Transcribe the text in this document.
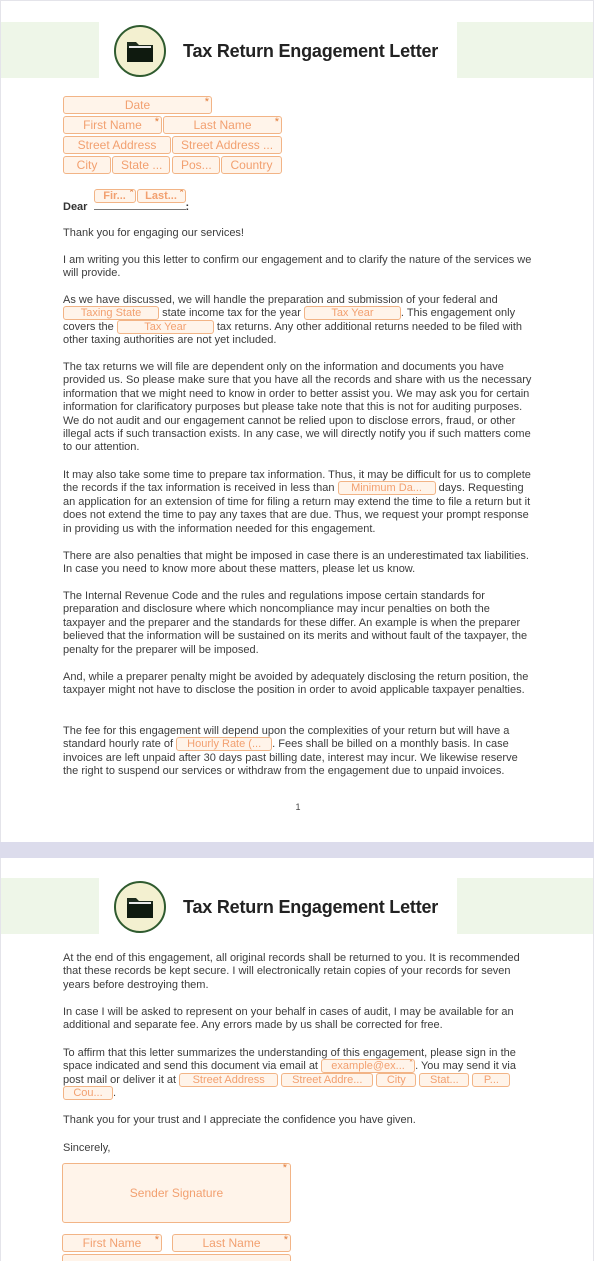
Tax Return Engagement Letter
Date *
First Name *	Last Name *
Street Address	Street Address ...
City	State ...	Pos...	Country
Dear
Fir... *	Last... *
:
Thank you for engaging our services!
I am writing you this letter to confirm our engagement and to clarify the nature of the services we will provide.
As we have discussed, we will handle the preparation and submission of your federal and Taxing State state income tax for the year	Tax Year . This engagement only covers the	Tax Year	tax returns. Any other additional returns needed to be filed with other taxing authorities are not yet included.
The tax returns we will file are dependent only on the information and documents you have provided us. So please make sure that you have all the records and share with us the necessary information that we might need to know in order to better assist you. We may ask you for certain information for clarificatory purposes but please take note that this is not for auditing purposes. We do not audit and our engagement cannot be relied upon to disclose errors, fraud, or other illegal acts if such transaction exists. In any case, we will directly notify you if such matters come to our attention.
It may also take some time to prepare tax information. Thus, it may be difficult for us to complete the records if the tax information is received in less than Minimum Da... days. Requesting an application for an extension of time for filing a return may extend the time to file a return but it does not extend the time to pay any taxes that are due. Thus, we request your prompt response in providing us with the information needed for this engagement.
There are also penalties that might be imposed in case there is an underestimated tax liabilities. In case you need to know more about these matters, please let us know.
The Internal Revenue Code and the rules and regulations impose certain standards for preparation and disclosure where which noncompliance may incur penalties on both the taxpayer and the preparer and the standards for these differ. An example is when the preparer believed that the information will be sustained on its merits and without fault of the taxpayer, the penalty for the preparer will be imposed.
And, while a preparer penalty might be avoided by adequately disclosing the return position, the taxpayer might not have to disclose the position in order to avoid applicable taxpayer penalties.
The fee for this engagement will depend upon the complexities of your return but will have a standard hourly rate of Hourly Rate (... . Fees shall be billed on a monthly basis. In case invoices are left unpaid after 30 days past billing date, interest may incur. We likewise reserve the right to suspend our services or withdraw from the engagement due to unpaid invoices.
1
Tax Return Engagement Letter
At the end of this engagement, all original records shall be returned to you. It is recommended that these records be kept secure. I will electronically retain copies of your records for seven years before destroying them.
In case I will be asked to represent on your behalf in cases of audit, I may be available for an additional and separate fee. Any errors made by us shall be corrected for free.
To affirm that this letter summarizes the understanding of this engagement, please sign in the space indicated and send this document via email at example@ex... * . You may send it via post mail or deliver it at Street Address Street Addre... City Stat... P... Cou... .
Thank you for your trust and I appreciate the confidence you have given.
Sincerely,
Sender Signature *
First Name *	Last Name *
